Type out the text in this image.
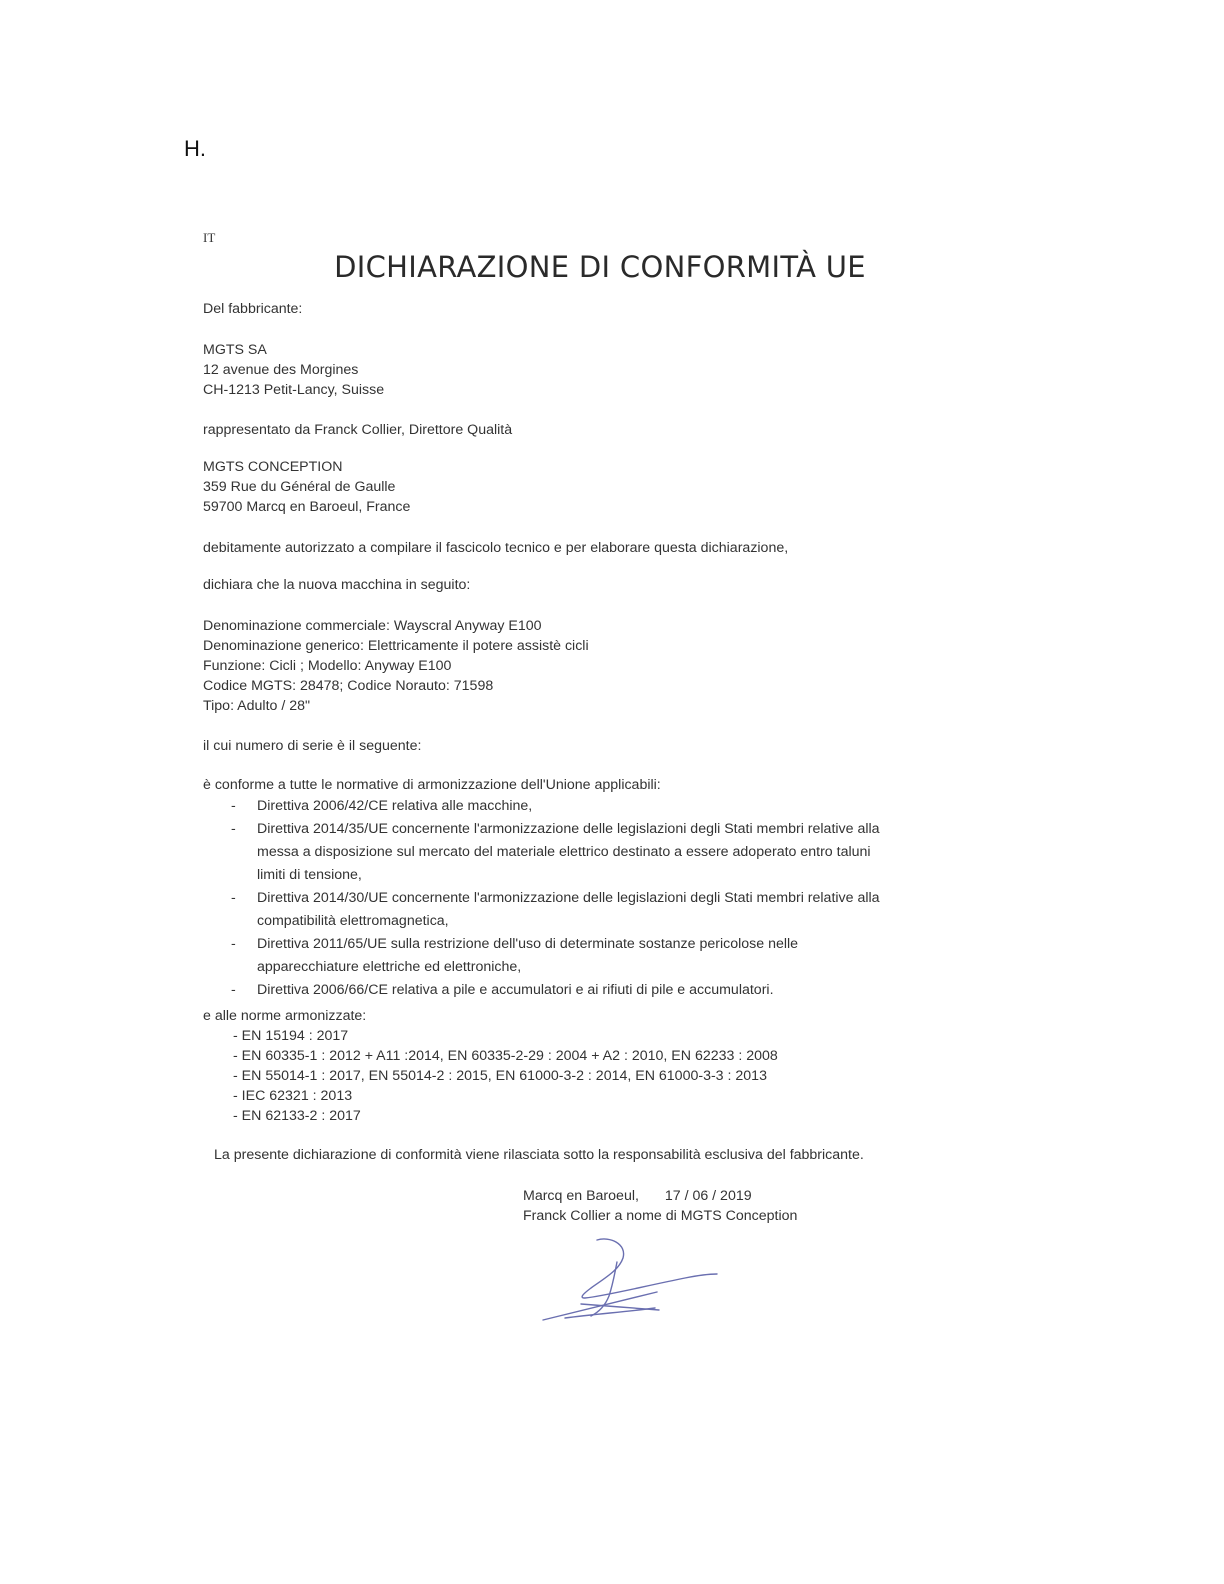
H.
IT
DICHIARAZIONE DI CONFORMITÀ UE
Del fabbricante:
MGTS SA
12 avenue des Morgines
CH-1213 Petit-Lancy, Suisse
rappresentato da Franck Collier, Direttore Qualità
MGTS CONCEPTION
359 Rue du Général de Gaulle
59700 Marcq en Baroeul, France
debitamente autorizzato a compilare il fascicolo tecnico e per elaborare questa dichiarazione,
dichiara che la nuova macchina in seguito:
Denominazione commerciale: Wayscral Anyway E100
Denominazione generico: Elettricamente il potere assistè cicli
Funzione: Cicli ; Modello: Anyway E100
Codice MGTS: 28478; Codice Norauto: 71598
Tipo: Adulto / 28"
il cui numero di serie è il seguente:
è conforme a tutte le normative di armonizzazione dell'Unione applicabili:
- Direttiva 2006/42/CE relativa alle macchine,
- Direttiva 2014/35/UE concernente l'armonizzazione delle legislazioni degli Stati membri relative alla
messa a disposizione sul mercato del materiale elettrico destinato a essere adoperato entro taluni
limiti di tensione,
- Direttiva 2014/30/UE concernente l'armonizzazione delle legislazioni degli Stati membri relative alla
compatibilità elettromagnetica,
- Direttiva 2011/65/UE sulla restrizione dell'uso di determinate sostanze pericolose nelle
apparecchiature elettriche ed elettroniche,
- Direttiva 2006/66/CE relativa a pile e accumulatori e ai rifiuti di pile e accumulatori.
e alle norme armonizzate:
- EN 15194 : 2017
- EN 60335-1 : 2012 + A11 :2014, EN 60335-2-29 : 2004 + A2 : 2010, EN 62233 : 2008
- EN 55014-1 : 2017, EN 55014-2 : 2015, EN 61000-3-2 : 2014, EN 61000-3-3 : 2013
- IEC 62321 : 2013
- EN 62133-2 : 2017
La presente dichiarazione di conformità viene rilasciata sotto la responsabilità esclusiva del fabbricante.
Marcq en Baroeul, 17 / 06 / 2019
Franck Collier a nome di MGTS Conception
